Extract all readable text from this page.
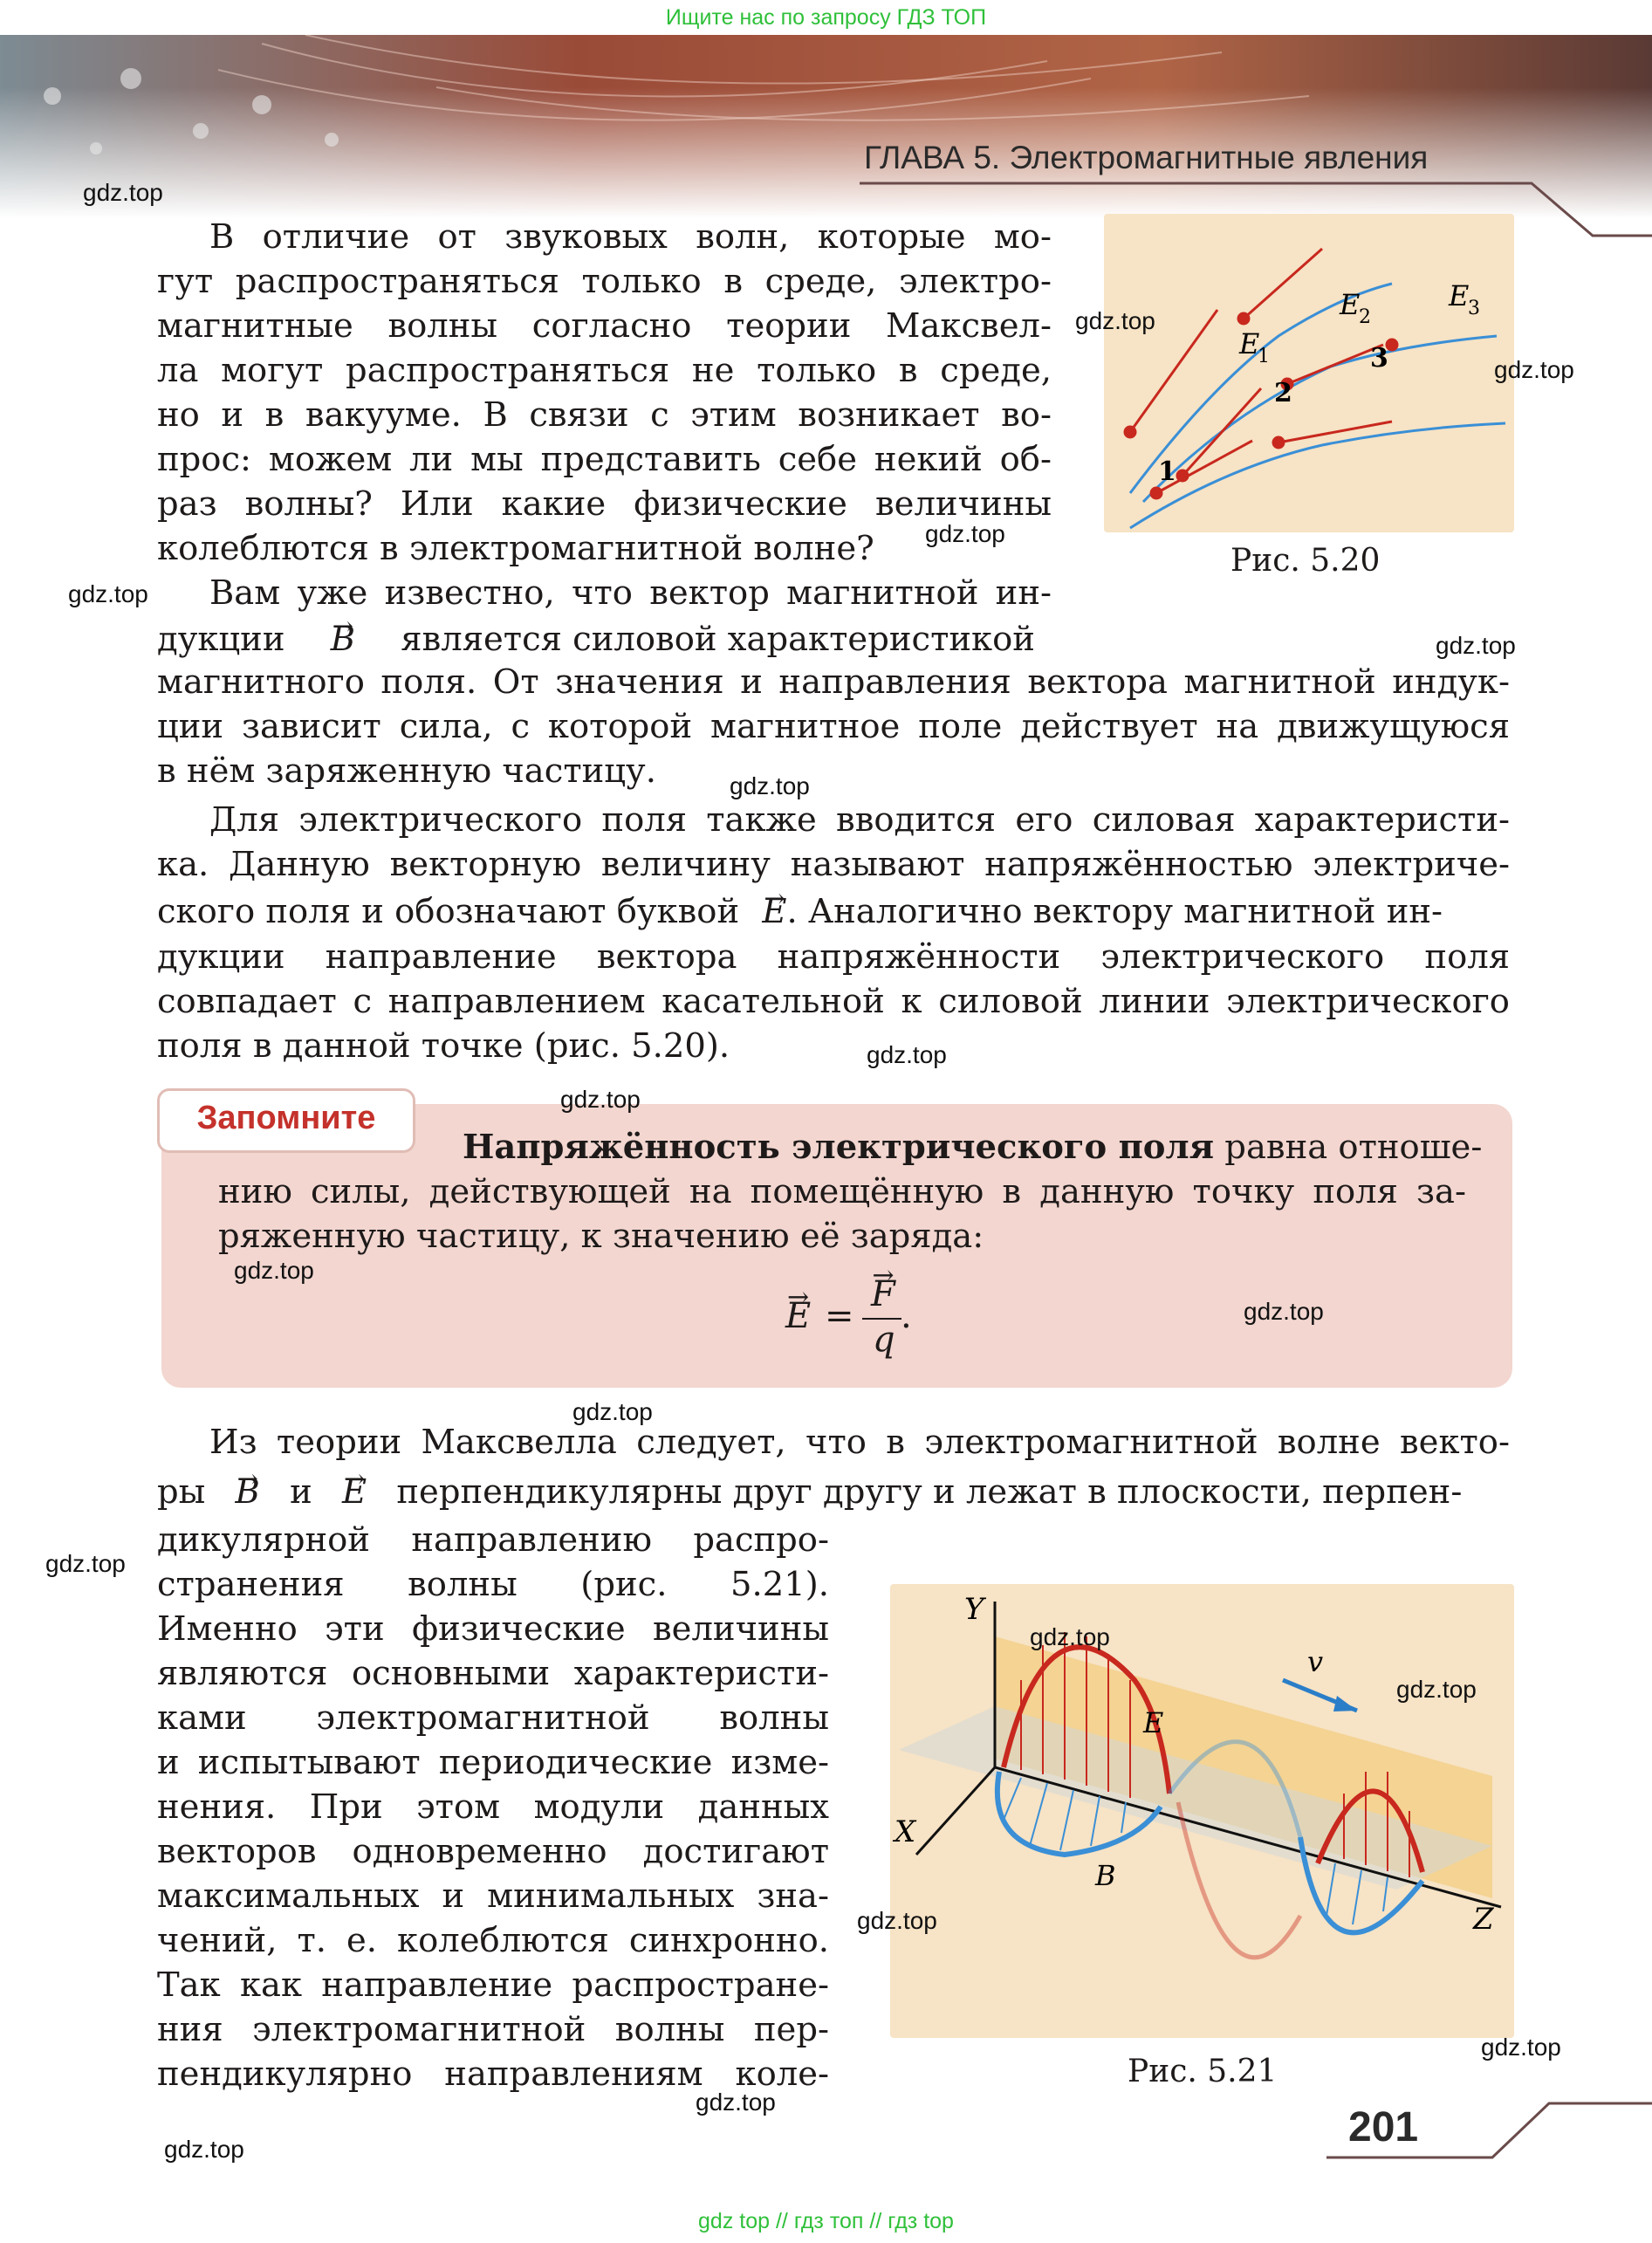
Ищите нас по запросу ГДЗ ТОП
ГЛАВА 5. Электромагнитные явления
В отличие от звуковых волн, которые мо-
гут распространяться только в среде, электро-
магнитные волны согласно теории Максвел-
ла могут распространяться не только в среде,
но и в вакууме. В связи с этим возникает во-
прос: можем ли мы представить себе некий об-
раз волны? Или какие физические величины
колеблются в электромагнитной волне?
E
1
E
2
E
3
1
2
3
Рис. 5.20
Вам уже известно, что вектор магнитной ин-
дукции → B является силовой характеристикой
магнитного поля. От значения и направления вектора магнитной индук-
ции зависит сила, с которой магнитное поле действует на движущуюся
в нём заряженную частицу.
Для электрического поля также вводится его силовая характеристи-
ка. Данную векторную величину называют напряжённостью электриче-
ского поля и обозначают буквой → E. Аналогично вектору магнитной ин-
дукции направление вектора напряжённости электрического поля
совпадает с направлением касательной к силовой линии электрического
поля в данной точке (рис. 5.20).
Запомните
Напряжённость электрического поля равна отноше-
нию силы, действующей на помещённую в данную точку поля за-
ряженную частицу, к значению её заряда:
→ E =
→ F
q
.
Из теории Максвелла следует, что в электромагнитной волне векто-
ры → B и → E перпендикулярны друг другу и лежат в плоскости, перпен-
дикулярной направлению распро-
странения волны (рис. 5.21).
Именно эти физические величины
являются основными характеристи-
ками электромагнитной волны
и испытывают периодические изме-
нения. При этом модули данных
векторов одновременно достигают
максимальных и минимальных зна-
чений, т. е. колеблются синхронно.
Так как направление распростране-
ния электромагнитной волны пер-
пендикулярно направлениям коле-
Y
X
Z
E
B
v
Рис. 5.21
201
gdz.top
gdz.top
gdz.top
gdz.top
gdz.top
gdz.top
gdz.top
gdz.top
gdz.top
gdz.top
gdz.top
gdz.top
gdz.top
gdz.top
gdz.top
gdz.top
gdz.top
gdz.top
gdz.top
gdz top // гдз топ // гдз top
